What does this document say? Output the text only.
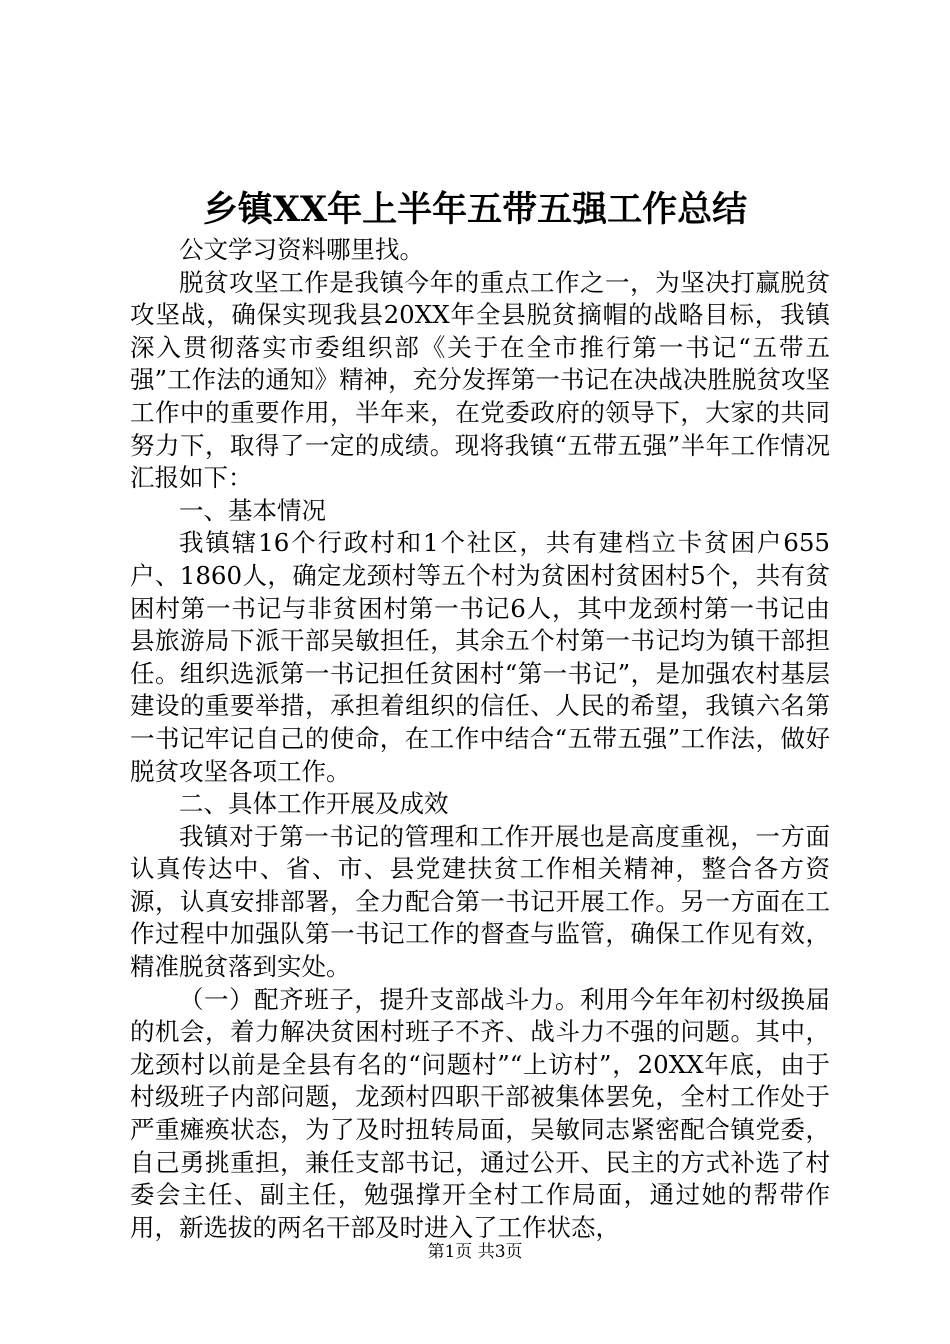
乡镇XX年上半年五带五强工作总结

公文学习资料哪里找。

脱贫攻坚工作是我镇今年的重点工作之一，为坚决打赢脱贫攻坚战，确保实现我县20XX年全县脱贫摘帽的战略目标，我镇深入贯彻落实市委组织部《关于在全市推行第一书记“五带五强”工作法的通知》精神，充分发挥第一书记在决战决胜脱贫攻坚工作中的重要作用，半年来，在党委政府的领导下，大家的共同努力下，取得了一定的成绩。现将我镇“五带五强”半年工作情况汇报如下：

一、基本情况

我镇辖16个行政村和1个社区，共有建档立卡贫困户655户、1860人，确定龙颈村等五个村为贫困村贫困村5个，共有贫困村第一书记与非贫困村第一书记6人，其中龙颈村第一书记由县旅游局下派干部吴敏担任，其余五个村第一书记均为镇干部担任。组织选派第一书记担任贫困村“第一书记”，是加强农村基层建设的重要举措，承担着组织的信任、人民的希望，我镇六名第一书记牢记自己的使命，在工作中结合“五带五强”工作法，做好脱贫攻坚各项工作。

二、具体工作开展及成效

我镇对于第一书记的管理和工作开展也是高度重视，一方面认真传达中、省、市、县党建扶贫工作相关精神，整合各方资源，认真安排部署，全力配合第一书记开展工作。另一方面在工作过程中加强队第一书记工作的督查与监管，确保工作见有效，精准脱贫落到实处。

（一）配齐班子，提升支部战斗力。利用今年年初村级换届的机会，着力解决贫困村班子不齐、战斗力不强的问题。其中，龙颈村以前是全县有名的“问题村”“上访村”，20XX年底，由于村级班子内部问题，龙颈村四职干部被集体罢免，全村工作处于严重瘫痪状态，为了及时扭转局面，吴敏同志紧密配合镇党委，自己勇挑重担，兼任支部书记，通过公开、民主的方式补选了村委会主任、副主任，勉强撑开全村工作局面，通过她的帮带作用，新选拔的两名干部及时进入了工作状态，

第1页 共3页
